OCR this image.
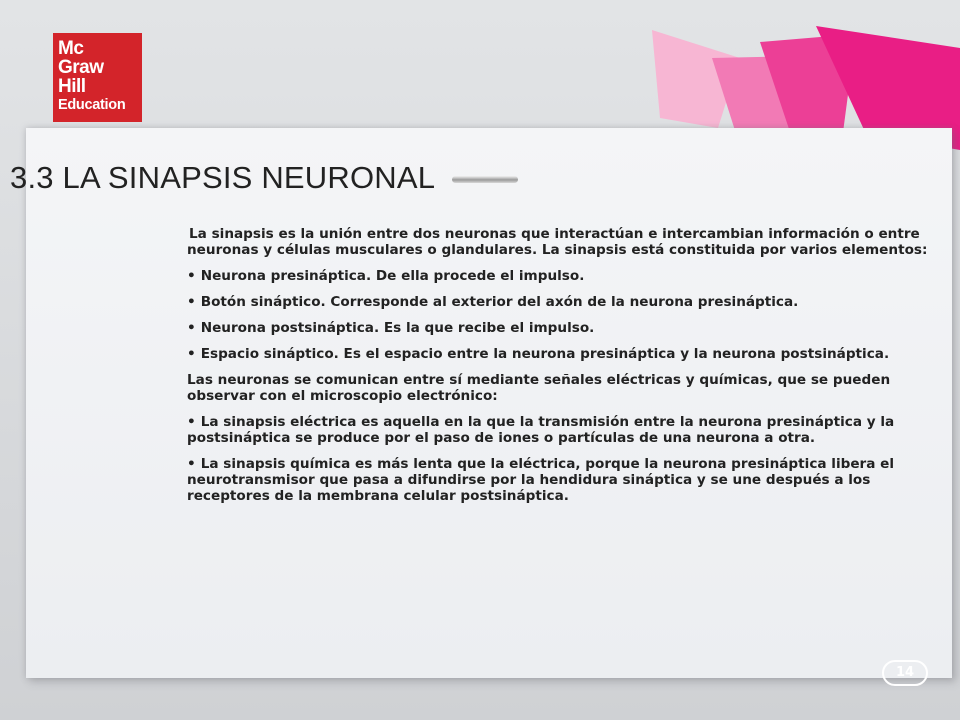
Mc
Graw
Hill
Education
3.3 LA SINAPSIS NEURONAL

La sinapsis es la unión entre dos neuronas que interactúan e intercambian información o entre neuronas y células musculares o glandulares. La sinapsis está constituida por varios elementos:

• Neurona presináptica. De ella procede el impulso.

• Botón sináptico. Corresponde al exterior del axón de la neurona presináptica.

• Neurona postsináptica. Es la que recibe el impulso.

• Espacio sináptico. Es el espacio entre la neurona presináptica y la neurona postsináptica.

Las neuronas se comunican entre sí mediante señales eléctricas y químicas, que se pueden observar con el microscopio electrónico:

• La sinapsis eléctrica es aquella en la que la transmisión entre la neurona presináptica y la postsináptica se produce por el paso de iones o partículas de una neurona a otra.

• La sinapsis química es más lenta que la eléctrica, porque la neurona presináptica libera el neurotransmisor que pasa a difundirse por la hendidura sináptica y se une después a los receptores de la membrana celular postsináptica.

14
